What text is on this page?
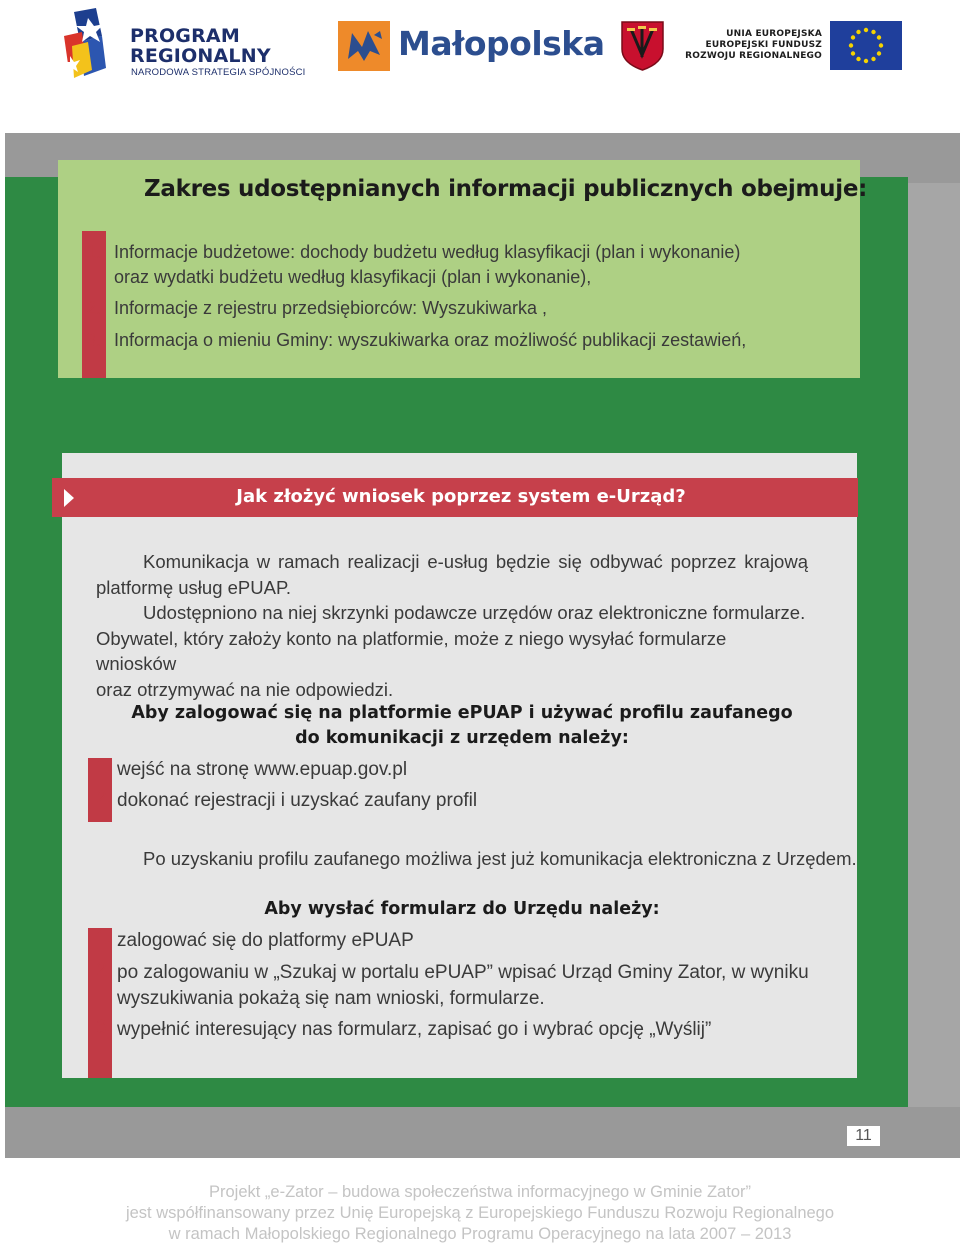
PROGRAM
REGIONALNY
NARODOWA STRATEGIA SPÓJNOŚCI
Małopolska	UNIA EUROPEJSKA
EUROPEJSKI FUNDUSZ
ROZWOJU REGIONALNEGO
Zakres udostępnianych informacji publicznych obejmuje:
1. Informacje budżetowe: dochody budżetu według klasyfikacji (plan i wykonanie)
oraz wydatki budżetu według klasyfikacji (plan i wykonanie),
2. Informacje z rejestru przedsiębiorców: Wyszukiwarka ,
3. Informacja o mieniu Gminy: wyszukiwarka oraz możliwość publikacji zestawień,
Jak złożyć wniosek poprzez system e-Urząd?
Komunikacja w ramach realizacji e-usług będzie się odbywać poprzez krajową
platformę usług ePUAP.
Udostępniono na niej skrzynki podawcze urzędów oraz elektroniczne formularze.
Obywatel, który założy konto na platformie, może z niego wysyłać formularze wniosków
oraz otrzymywać na nie odpowiedzi.
Aby zalogować się na platformie ePUAP i używać profilu zaufanego
do komunikacji z urzędem należy:
1. wejść na stronę www.epuap.gov.pl
2. dokonać rejestracji i uzyskać zaufany profil
Po uzyskaniu profilu zaufanego możliwa jest już komunikacja elektroniczna z Urzędem.
Aby wysłać formularz do Urzędu należy:
1. zalogować się do platformy ePUAP
2. po zalogowaniu w „Szukaj w portalu ePUAP” wpisać Urząd Gminy Zator, w wyniku
wyszukiwania pokażą się nam wnioski, formularze.
3. wypełnić interesujący nas formularz, zapisać go i wybrać opcję „Wyślij”
11
Projekt „e-Zator – budowa społeczeństwa informacyjnego w Gminie Zator”
jest współfinansowany przez Unię Europejską z Europejskiego Funduszu Rozwoju Regionalnego
w ramach Małopolskiego Regionalnego Programu Operacyjnego na lata 2007 – 2013
